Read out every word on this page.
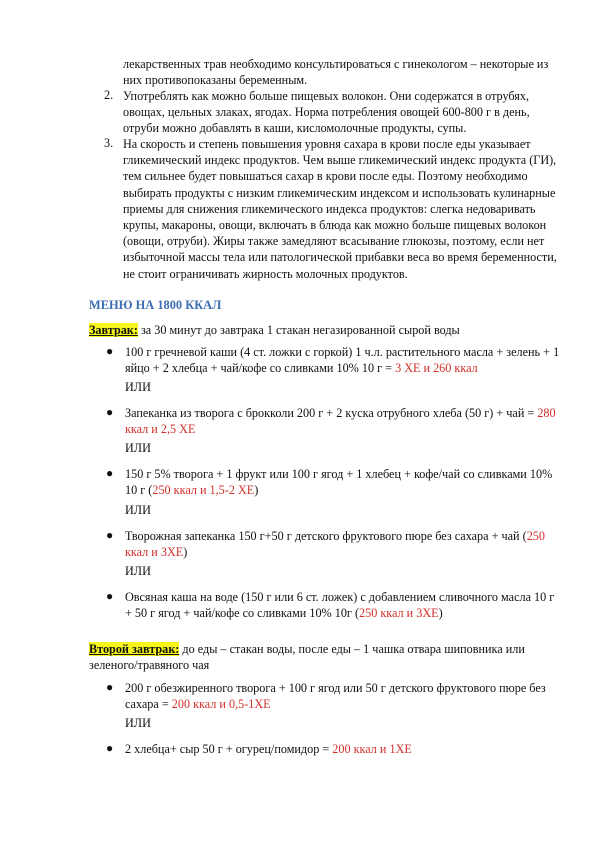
лекарственных трав необходимо консультироваться с гинекологом – некоторые из них противопоказаны беременным.

2. Употреблять как можно больше пищевых волокон. Они содержатся в отрубях, овощах, цельных злаках, ягодах. Норма потребления овощей 600-800 г в день, отруби можно добавлять в каши, кисломолочные продукты, супы.

3. На скорость и степень повышения уровня сахара в крови после еды указывает гликемический индекс продуктов. Чем выше гликемический индекс продукта (ГИ), тем сильнее будет повышаться сахар в крови после еды. Поэтому необходимо выбирать продукты с низким гликемическим индексом и использовать кулинарные приемы для снижения гликемического индекса продуктов: слегка недоваривать крупы, макароны, овощи, включать в блюда как можно больше пищевых волокон (овощи, отруби). Жиры также замедляют всасывание глюкозы, поэтому, если нет избыточной массы тела или патологической прибавки веса во время беременности, не стоит ограничивать жирность молочных продуктов.

МЕНЮ НА 1800 ККАЛ

Завтрак: за 30 минут до завтрака 1 стакан негазированной сырой воды

● 100 г гречневой каши (4 ст. ложки с горкой) 1 ч.л. растительного масла + зелень + 1 яйцо + 2 хлебца + чай/кофе со сливками 10% 10 г = 3 ХЕ и 260 ккал

ИЛИ

● Запеканка из творога с брокколи 200 г + 2 куска отрубного хлеба (50 г) + чай = 280 ккал и 2,5 ХЕ

ИЛИ

● 150 г 5% творога + 1 фрукт или 100 г ягод + 1 хлебец + кофе/чай со сливками 10% 10 г (250 ккал и 1,5-2 ХЕ)

ИЛИ

● Творожная запеканка 150 г+50 г детского фруктового пюре без сахара + чай (250 ккал и 3ХЕ)

ИЛИ

● Овсяная каша на воде (150 г или 6 ст. ложек) с добавлением сливочного масла 10 г + 50 г ягод + чай/кофе со сливками 10% 10г (250 ккал и 3ХЕ)

Второй завтрак: до еды – стакан воды, после еды – 1 чашка отвара шиповника или зеленого/травяного чая

● 200 г обезжиренного творога + 100 г ягод или 50 г детского фруктового пюре без сахара = 200 ккал и 0,5-1ХЕ

ИЛИ

● 2 хлебца+ сыр 50 г + огурец/помидор = 200 ккал и 1ХЕ
